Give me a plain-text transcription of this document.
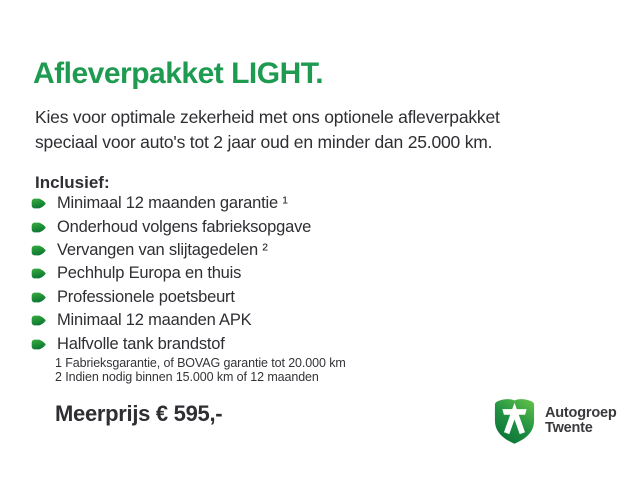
Afleverpakket LIGHT.
Kies voor optimale zekerheid met ons optionele afleverpakket
speciaal voor auto's tot 2 jaar oud en minder dan 25.000 km.
Inclusief:
Minimaal 12 maanden garantie ¹
Onderhoud volgens fabrieksopgave
Vervangen van slijtagedelen ²
Pechhulp Europa en thuis
Professionele poetsbeurt
Minimaal 12 maanden APK
Halfvolle tank brandstof
1 Fabrieksgarantie, of BOVAG garantie tot 20.000 km
2 Indien nodig binnen 15.000 km of 12 maanden
Meerprijs € 595,-	Autogroep
Twente
